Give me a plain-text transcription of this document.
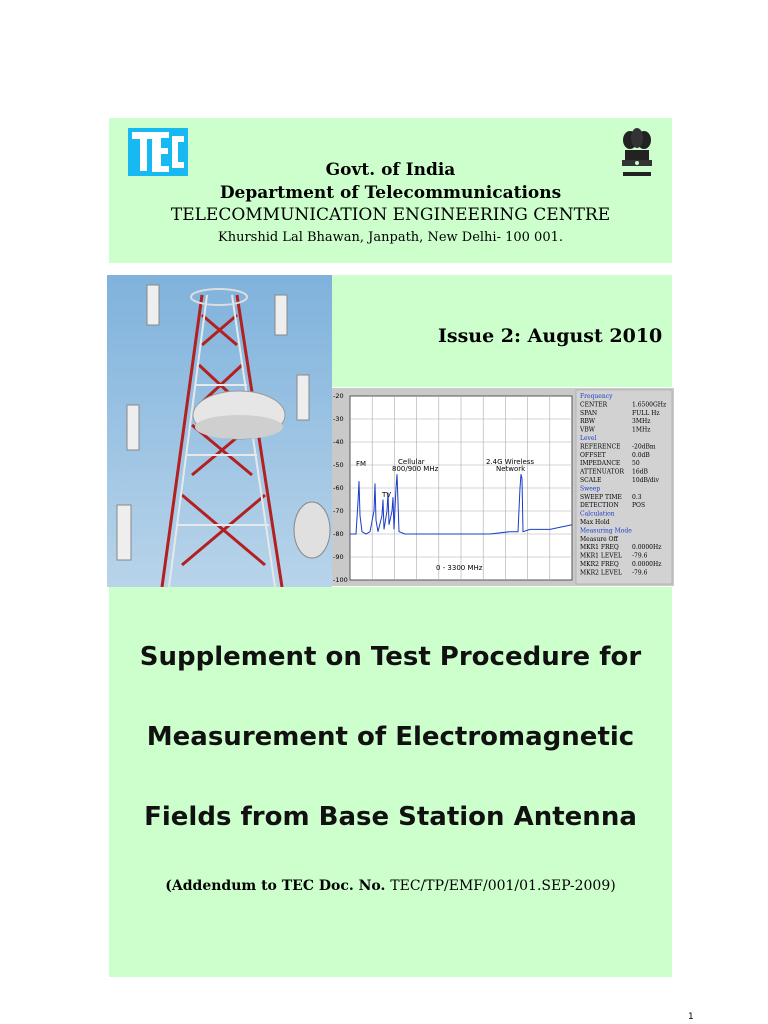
Govt. of India
Department of Telecommunications
TELECOMMUNICATION ENGINEERING CENTRE
Khurshid Lal Bhawan, Janpath, New Delhi- 100 001.
Issue 2: August 2010
-20
-30
-40
-50
-60
-70
-80
-90
-100
FM
TV
Cellular
800/900 MHz
2.4G Wireless
Network
0 - 3300 MHz
Frequency
CENTER	1.6500GHz
SPAN	FULL Hz
RBW	3MHz
VBW	1MHz
Level
REFERENCE -20dBm
OFFSET	0.0dB
IMPEDANCE 50
ATTENUATOR 16dB
SCALE	10dB/div
Sweep
SWEEP TIME 0.3
DETECTION POS
Calculation
Max Hold
Measuring Mode
Measure Off
MKR1 FREQ 0.0000Hz
MKR1 LEVEL -79.6
MKR2 FREQ 0.0000Hz
MKR2 LEVEL -79.6
Supplement on Test Procedure for
Measurement of Electromagnetic
Fields from Base Station Antenna
(Addendum to TEC Doc. No. TEC/TP/EMF/001/01.SEP-2009)
1
